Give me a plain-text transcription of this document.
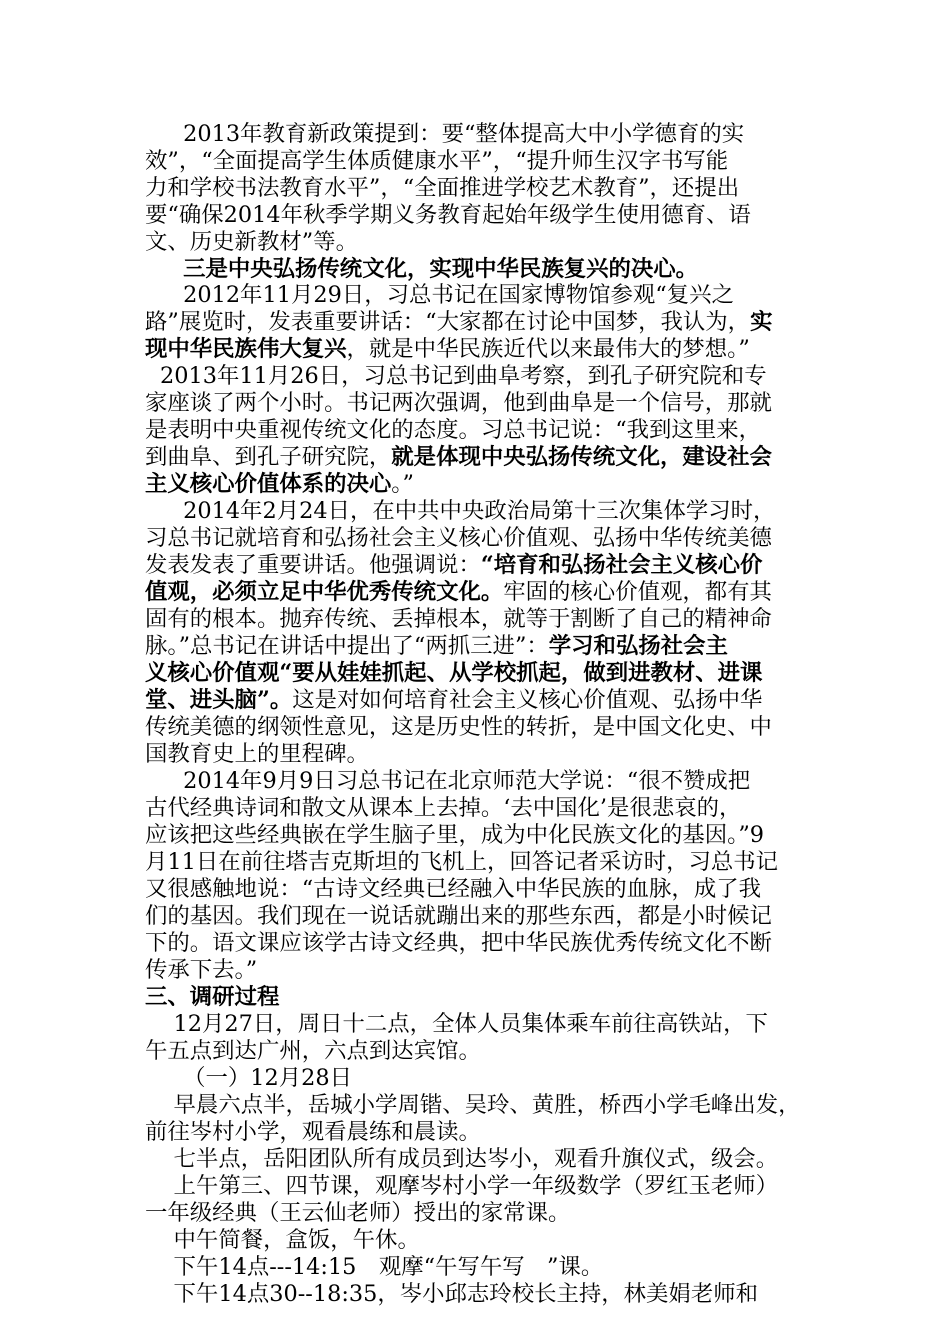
2013年教育新政策提到：要“整体提高大中小学德育的实
效”，“全面提高学生体质健康水平”，“提升师生汉字书写能
力和学校书法教育水平”，“全面推进学校艺术教育”，还提出
要“确保2014年秋季学期义务教育起始年级学生使用德育、语
文、历史新教材”等。
三是中央弘扬传统文化，实现中华民族复兴的决心。
2012年11月29日，习总书记在国家博物馆参观“复兴之
路”展览时，发表重要讲话：“大家都在讨论中国梦，我认为，实
现中华民族伟大复兴，就是中华民族近代以来最伟大的梦想。”
2013年11月26日，习总书记到曲阜考察，到孔子研究院和专
家座谈了两个小时。书记两次强调，他到曲阜是一个信号，那就
是表明中央重视传统文化的态度。习总书记说：“我到这里来，
到曲阜、到孔子研究院，就是体现中央弘扬传统文化，建设社会
主义核心价值体系的决心。”
2014年2月24日，在中共中央政治局第十三次集体学习时，
习总书记就培育和弘扬社会主义核心价值观、弘扬中华传统美德
发表发表了重要讲话。他强调说：“培育和弘扬社会主义核心价
值观，必须立足中华优秀传统文化。牢固的核心价值观，都有其
固有的根本。抛弃传统、丢掉根本，就等于割断了自己的精神命
脉。”总书记在讲话中提出了“两抓三进”：学习和弘扬社会主
义核心价值观“要从娃娃抓起、从学校抓起，做到进教材、进课
堂、进头脑”。这是对如何培育社会主义核心价值观、弘扬中华
传统美德的纲领性意见，这是历史性的转折，是中国文化史、中
国教育史上的里程碑。
2014年9月9日习总书记在北京师范大学说：“很不赞成把
古代经典诗词和散文从课本上去掉。‘去中国化’是很悲哀的，
应该把这些经典嵌在学生脑子里，成为中化民族文化的基因。”9
月11日在前往塔吉克斯坦的飞机上，回答记者采访时，习总书记
又很感触地说：“古诗文经典已经融入中华民族的血脉，成了我
们的基因。我们现在一说话就蹦出来的那些东西，都是小时候记
下的。语文课应该学古诗文经典，把中华民族优秀传统文化不断
传承下去。”
三、调研过程
12月27日，周日十二点，全体人员集体乘车前往高铁站，下
午五点到达广州，六点到达宾馆。
（一）12月28日
早晨六点半，岳城小学周锴、吴玲、黄胜，桥西小学毛峰出发，
前往岑村小学，观看晨练和晨读。
七半点，岳阳团队所有成员到达岑小，观看升旗仪式，级会。
上午第三、四节课，观摩岑村小学一年级数学（罗红玉老师）
一年级经典（王云仙老师）授出的家常课。
中午简餐，盒饭，午休。
下午14点---14:15　观摩“午写午写　”课。
下午14点30--18:35，岑小邱志玲校长主持，林美娟老师和
